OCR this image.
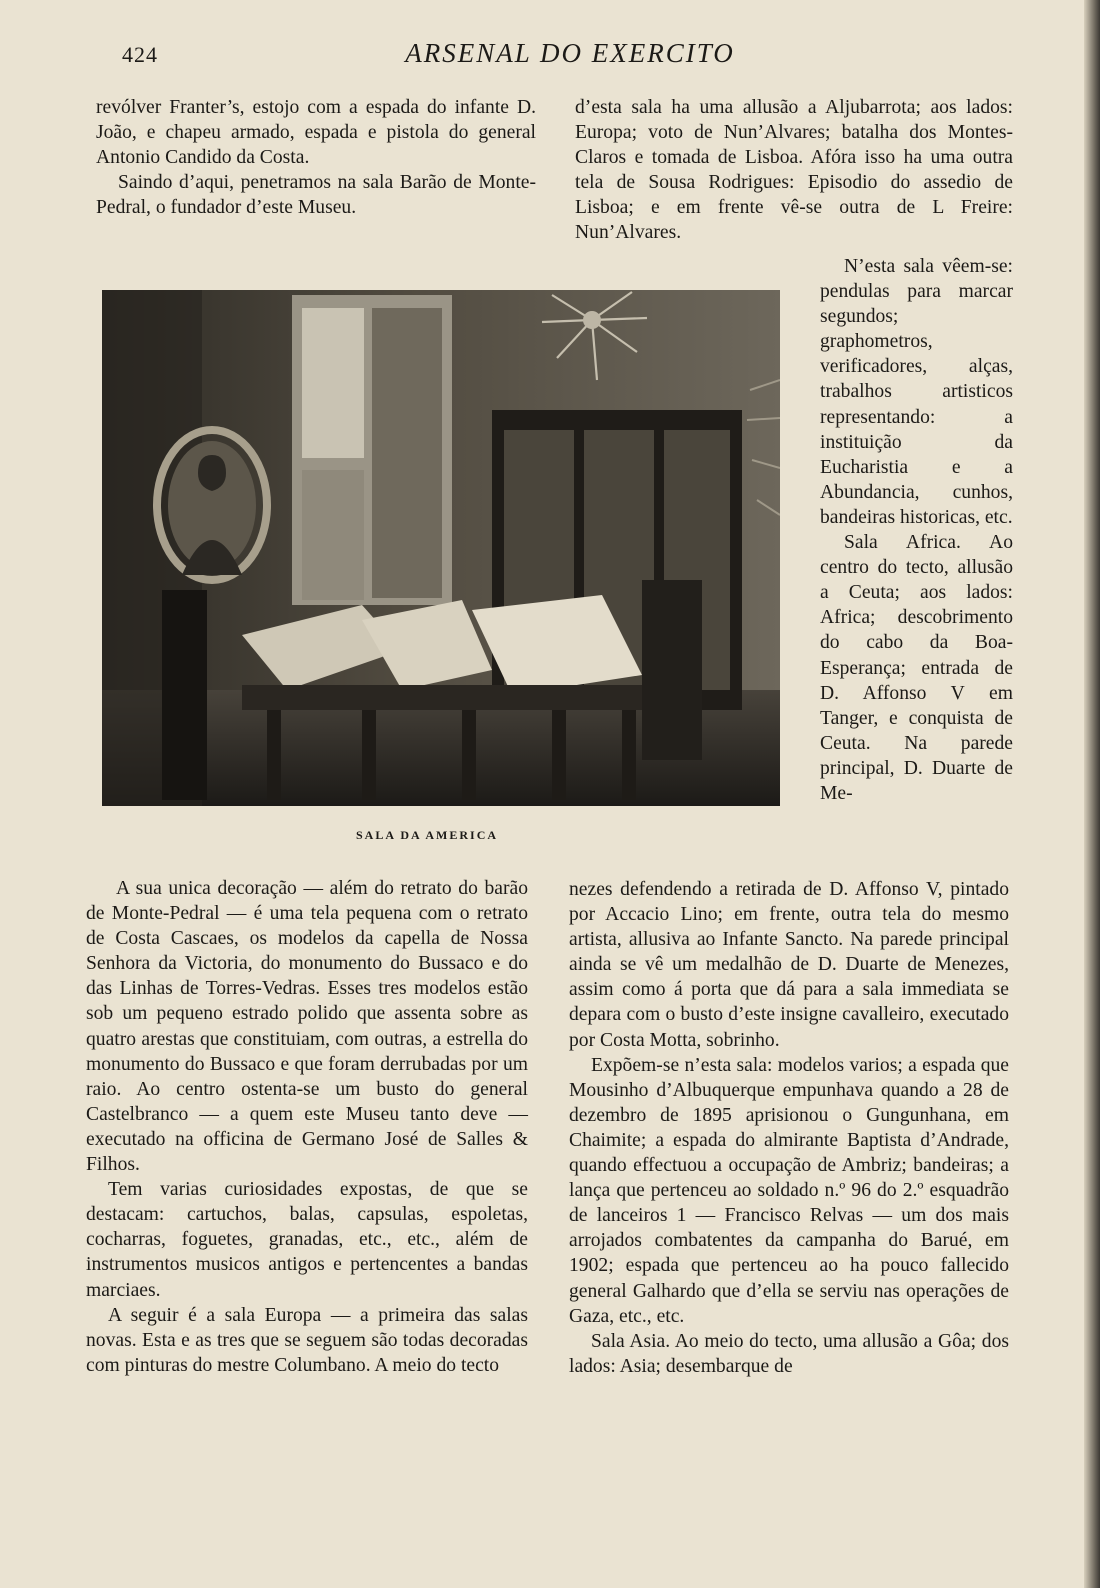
424	ARSENAL DO EXERCITO

revólver Franter’s, estojo com a espada do infante D. João, e chapeu armado, espada e pistola do general Antonio Candido da Costa.

Saindo d’aqui, penetramos na sala Barão de Monte-Pedral, o fundador d’este Museu.

SALA DA AMERICA

A sua unica decoração — além do retrato do barão de Monte-Pedral — é uma tela pequena com o retrato de Costa Cascaes, os modelos da capella de Nossa Senhora da Victoria, do monumento do Bussaco e do das Linhas de Torres-Vedras. Esses tres modelos estão sob um pequeno estrado polido que assenta sobre as quatro arestas que constituiam, com outras, a estrella do monumento do Bussaco e que foram derrubadas por um raio. Ao centro ostenta-se um busto do general Castelbranco — a quem este Museu tanto deve — executado na officina de Germano José de Salles & Filhos.

Tem varias curiosidades expostas, de que se destacam: cartuchos, balas, capsulas, espoletas, cocharras, foguetes, granadas, etc., etc., além de instrumentos musicos antigos e pertencentes a bandas marciaes.

A seguir é a sala Europa — a primeira das salas novas. Esta e as tres que se seguem são todas decoradas com pinturas do mestre Columbano. A meio do tecto

d’esta sala ha uma allusão a Aljubarrota; aos lados: Europa; voto de Nun’Alvares; batalha dos Montes-Claros e tomada de Lisboa. Afóra isso ha uma outra tela de Sousa Rodrigues: Episodio do assedio de Lisboa; e em frente vê-se outra de L Freire: Nun’Alvares.

N’esta sala vêem-se: pendulas para marcar segundos; graphometros, verificadores, alças, trabalhos artisticos representando: a instituição da Eucharistia e a Abundancia, cunhos, bandeiras historicas, etc.

Sala Africa. Ao centro do tecto, allusão a Ceuta; aos lados: Africa; descobrimento do cabo da Boa-Esperança; entrada de D. Affonso V em Tanger, e conquista de Ceuta. Na parede principal, D. Duarte de Me-

nezes defendendo a retirada de D. Affonso V, pintado por Accacio Lino; em frente, outra tela do mesmo artista, allusiva ao Infante Sancto. Na parede principal ainda se vê um medalhão de D. Duarte de Menezes, assim como á porta que dá para a sala immediata se depara com o busto d’este insigne cavalleiro, executado por Costa Motta, sobrinho.

Expõem-se n’esta sala: modelos varios; a espada que Mousinho d’Albuquerque empunhava quando a 28 de dezembro de 1895 aprisionou o Gungunhana, em Chaimite; a espada do almirante Baptista d’Andrade, quando effectuou a occupação de Ambriz; bandeiras; a lança que pertenceu ao soldado n.º 96 do 2.º esquadrão de lanceiros 1 — Francisco Relvas — um dos mais arrojados combatentes da campanha do Barué, em 1902; espada que pertenceu ao ha pouco fallecido general Galhardo que d’ella se serviu nas operações de Gaza, etc., etc.

Sala Asia. Ao meio do tecto, uma allusão a Gôa; dos lados: Asia; desembarque de
